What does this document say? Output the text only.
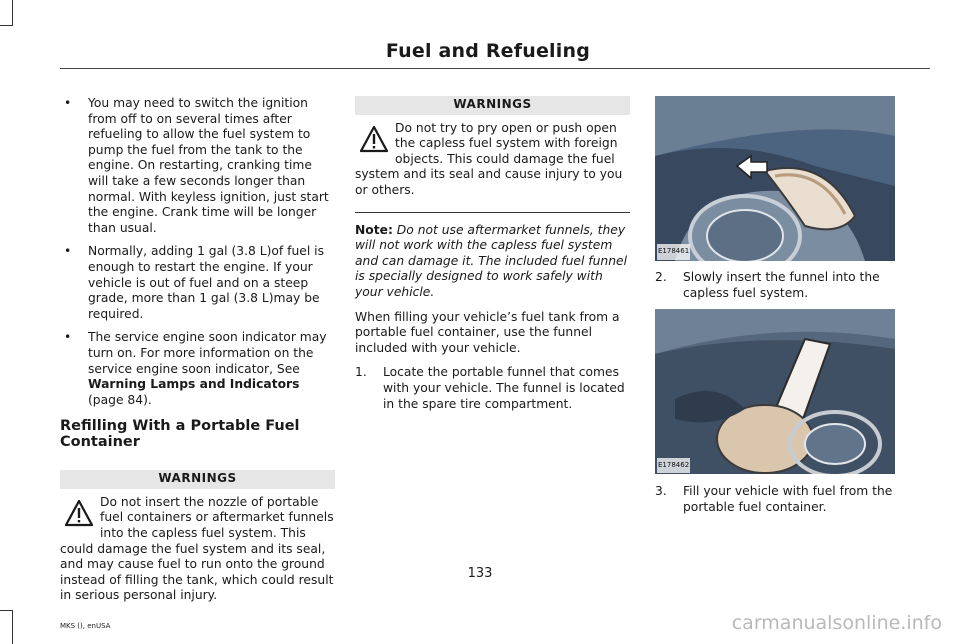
Fuel and Refueling
• You may need to switch the ignition from off to on several times after refueling to allow the fuel system to pump the fuel from the tank to the engine. On restarting, cranking time will take a few seconds longer than normal. With keyless ignition, just start the engine. Crank time will be longer than usual.
• Normally, adding 1 gal (3.8 L)of fuel is enough to restart the engine. If your vehicle is out of fuel and on a steep grade, more than 1 gal (3.8 L)may be required.
• The service engine soon indicator may turn on. For more information on the service engine soon indicator, See Warning Lamps and Indicators (page 84).
Refilling With a Portable Fuel Container
WARNINGS
Do not insert the nozzle of portable fuel containers or aftermarket funnels into the capless fuel system. This could damage the fuel system and its seal, and may cause fuel to run onto the ground instead of filling the tank, which could result in serious personal injury.
WARNINGS
Do not try to pry open or push open the capless fuel system with foreign objects. This could damage the fuel system and its seal and cause injury to you or others.

Note: Do not use aftermarket funnels, they will not work with the capless fuel system and can damage it. The included fuel funnel is specially designed to work safely with your vehicle.

When filling your vehicle’s fuel tank from a portable fuel container, use the funnel included with your vehicle.

1. Locate the portable funnel that comes with your vehicle. The funnel is located in the spare tire compartment.
E178461
2. Slowly insert the funnel into the capless fuel system.
E178462
3. Fill your vehicle with fuel from the portable fuel container.
133
MKS (), enUSA	carmanualsonline.info
